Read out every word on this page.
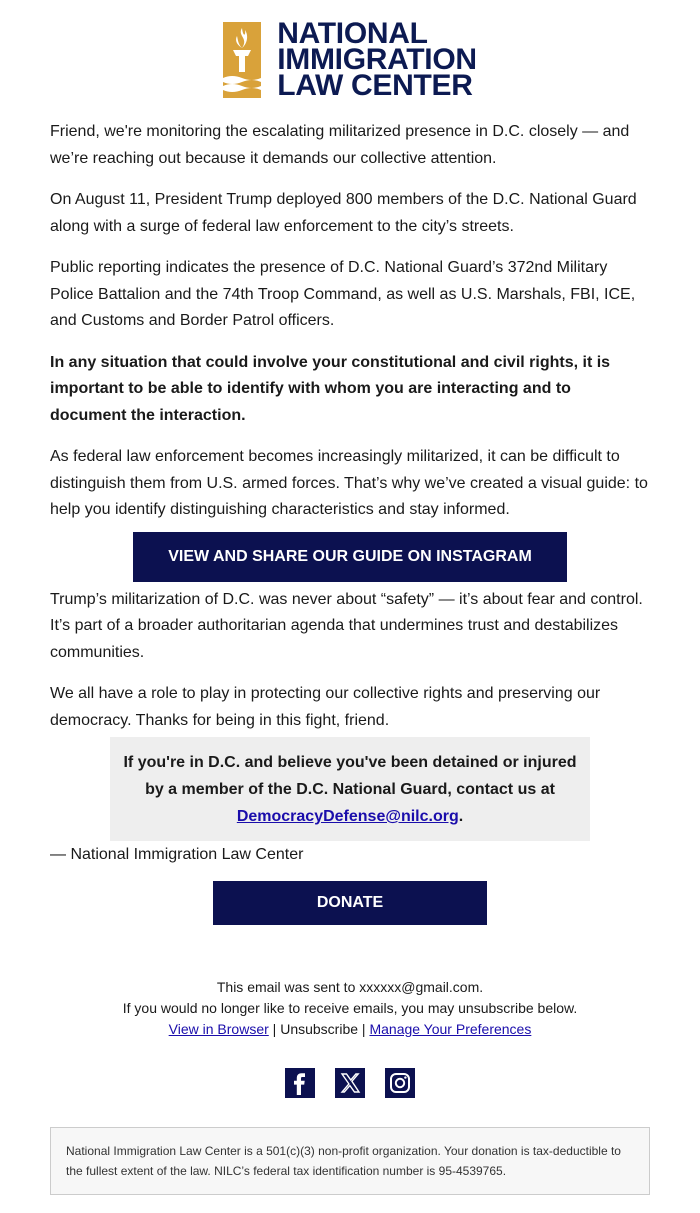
NATIONAL
IMMIGRATION
LAW CENTER

Friend, we're monitoring the escalating militarized presence in D.C. closely — and we’re reaching out because it demands our collective attention.

On August 11, President Trump deployed 800 members of the D.C. National Guard along with a surge of federal law enforcement to the city’s streets.

Public reporting indicates the presence of D.C. National Guard’s 372nd Military Police Battalion and the 74th Troop Command, as well as U.S. Marshals, FBI, ICE, and Customs and Border Patrol officers.

In any situation that could involve your constitutional and civil rights, it is important to be able to identify with whom you are interacting and to document the interaction.

As federal law enforcement becomes increasingly militarized, it can be difficult to distinguish them from U.S. armed forces. That’s why we’ve created a visual guide: to help you identify distinguishing characteristics and stay informed.

VIEW AND SHARE OUR GUIDE ON INSTAGRAM

Trump’s militarization of D.C. was never about “safety” — it’s about fear and control. It’s part of a broader authoritarian agenda that undermines trust and destabilizes communities.

We all have a role to play in protecting our collective rights and preserving our democracy. Thanks for being in this fight, friend.

If you're in D.C. and believe you've been detained or injured
by a member of the D.C. National Guard, contact us at
DemocracyDefense@nilc.org.

— National Immigration Law Center

DONATE
This email was sent to xxxxxx@gmail.com.
If you would no longer like to receive emails, you may unsubscribe below.
View in Browser | Unsubscribe | Manage Your Preferences
National Immigration Law Center is a 501(c)(3) non-profit organization. Your donation is tax-deductible to the fullest extent of the law. NILC’s federal tax identification number is 95-4539765.
